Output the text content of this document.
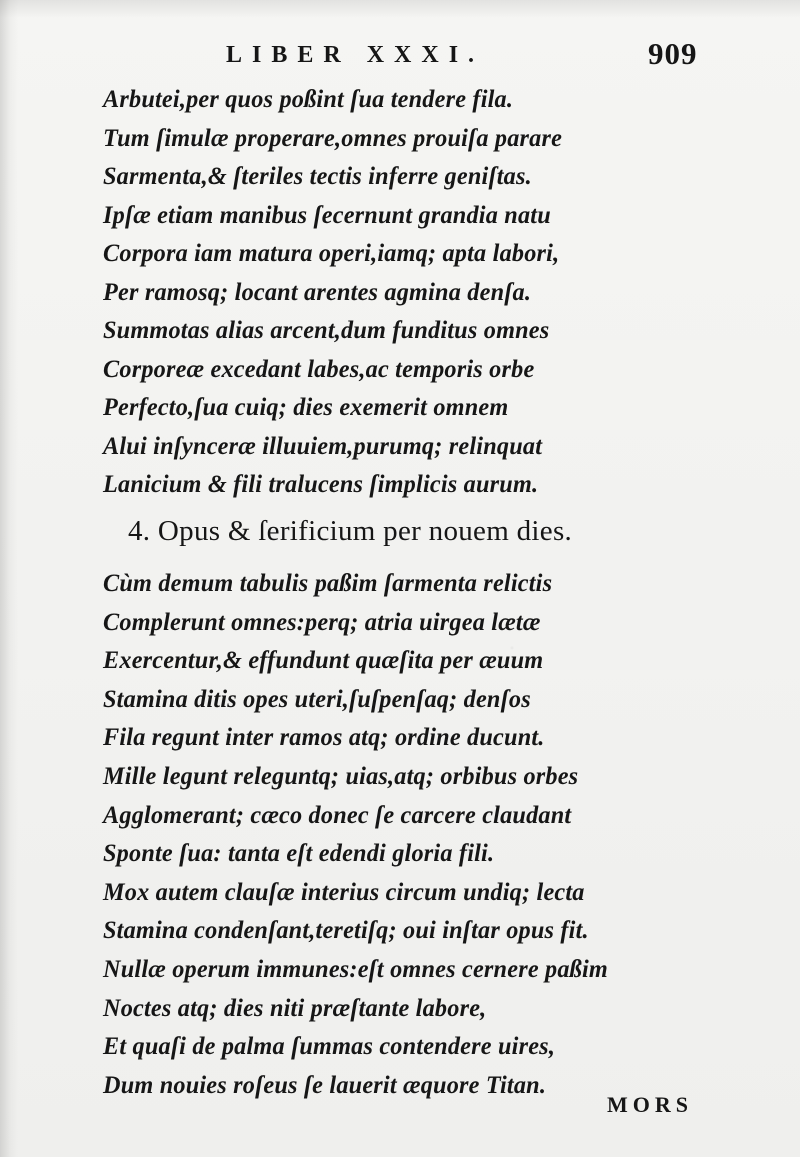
LIBER XXXI.	909
Arbutei,per quos poßint ſua tendere fila.
Tum ſimulæ properare,omnes prouiſa parare
Sarmenta,& ſteriles tectis inferre geniſtas.
Ipſæ etiam manibus ſecernunt grandia natu
Corpora iam matura operi,iamq; apta labori,
Per ramosq; locant arentes agmina denſa.
Summotas alias arcent,dum funditus omnes
Corporeæ excedant labes,ac temporis orbe
Perfecto,ſua cuiq; dies exemerit omnem
Alui inſynceræ illuuiem,purumq; relinquat
Lanicium & fili tralucens ſimplicis aurum.
4. Opus & ſerificium per nouem dies.
Cùm demum tabulis paßim ſarmenta relictis
Complerunt omnes:perq; atria uirgea lætæ
Exercentur,& effundunt quæſita per æuum
Stamina ditis opes uteri,ſuſpenſaq; denſos
Fila regunt inter ramos atq; ordine ducunt.
Mille legunt releguntq; uias,atq; orbibus orbes
Agglomerant; cæco donec ſe carcere claudant
Sponte ſua: tanta eſt edendi gloria fili.
Mox autem clauſæ interius circum undiq; lecta
Stamina condenſant,teretiſq; oui inſtar opus fit.
Nullæ operum immunes:eſt omnes cernere paßim
Noctes atq; dies niti præſtante labore,
Et quaſi de palma ſummas contendere uires,
Dum nouies roſeus ſe lauerit æquore Titan.
MORS
